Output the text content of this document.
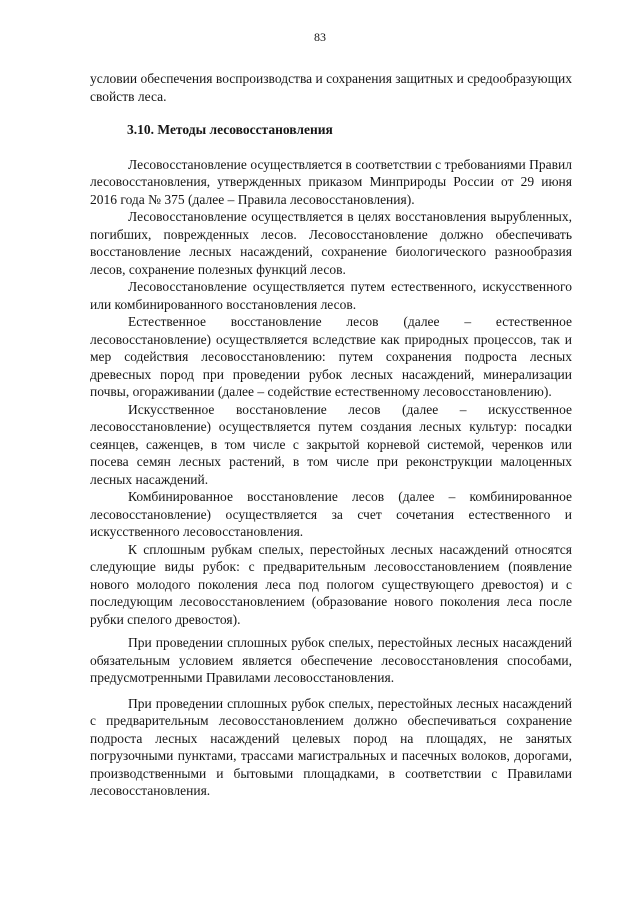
83

условии обеспечения воспроизводства и сохранения защитных и средообразующих свойств леса.

3.10. Методы лесовосстановления

Лесовосстановление осуществляется в соответствии с требованиями Правил лесовосстановления, утвержденных приказом Минприроды России от 29 июня 2016 года № 375 (далее – Правила лесовосстановления).

Лесовосстановление осуществляется в целях восстановления вырубленных, погибших, поврежденных лесов. Лесовосстановление должно обеспечивать восстановление лесных насаждений, сохранение биологического разнообразия лесов, сохранение полезных функций лесов.

Лесовосстановление осуществляется путем естественного, искусственного или комбинированного восстановления лесов.

Естественное восстановление лесов (далее – естественное лесовосстановление) осуществляется вследствие как природных процессов, так и мер содействия лесовосстановлению: путем сохранения подроста лесных древесных пород при проведении рубок лесных насаждений, минерализации почвы, огораживании (далее – содействие естественному лесовосстановлению).

Искусственное восстановление лесов (далее – искусственное лесовосстановление) осуществляется путем создания лесных культур: посадки сеянцев, саженцев, в том числе с закрытой корневой системой, черенков или посева семян лесных растений, в том числе при реконструкции малоценных лесных насаждений.

Комбинированное восстановление лесов (далее – комбинированное лесовосстановление) осуществляется за счет сочетания естественного и искусственного лесовосстановления.

К сплошным рубкам спелых, перестойных лесных насаждений относятся следующие виды рубок: с предварительным лесовосстановлением (появление нового молодого поколения леса под пологом существующего древостоя) и с последующим лесовосстановлением (образование нового поколения леса после рубки спелого древостоя).

При проведении сплошных рубок спелых, перестойных лесных насаждений обязательным условием является обеспечение лесовосстановления способами, предусмотренными Правилами лесовосстановления.

При проведении сплошных рубок спелых, перестойных лесных насаждений с предварительным лесовосстановлением должно обеспечиваться сохранение подроста лесных насаждений целевых пород на площадях, не занятых погрузочными пунктами, трассами магистральных и пасечных волоков, дорогами, производственными и бытовыми площадками, в соответствии с Правилами лесовосстановления.
